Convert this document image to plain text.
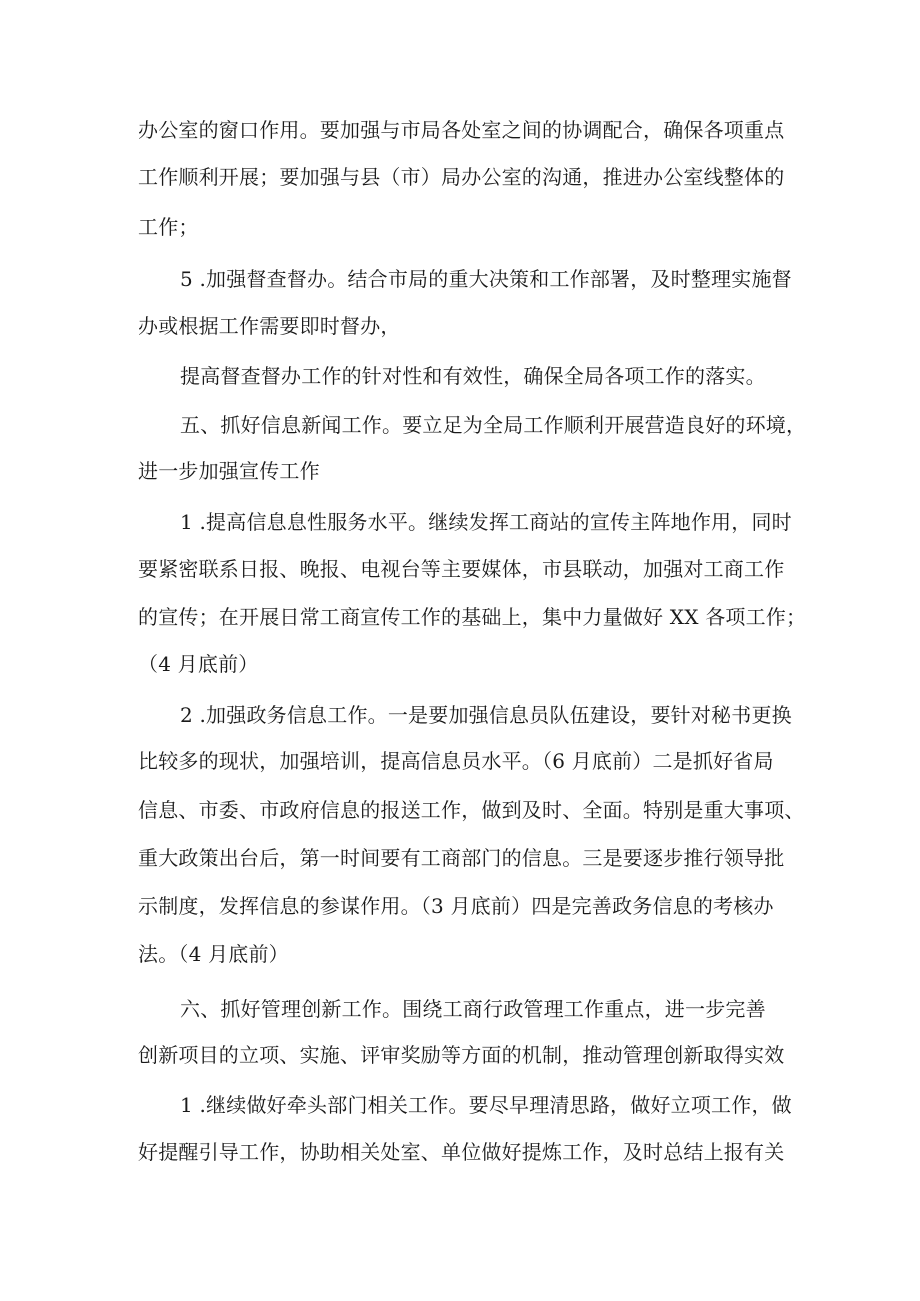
办公室的窗口作用。要加强与市局各处室之间的协调配合，确保各项重点
工作顺利开展；要加强与县（市）局办公室的沟通，推进办公室线整体的
工作；
5 .加强督查督办。结合市局的重大决策和工作部署，及时整理实施督
办或根据工作需要即时督办，
提高督查督办工作的针对性和有效性，确保全局各项工作的落实。
五、抓好信息新闻工作。要立足为全局工作顺利开展营造良好的环境，
进一步加强宣传工作
1 .提高信息息性服务水平。继续发挥工商站的宣传主阵地作用，同时
要紧密联系日报、晚报、电视台等主要媒体，市县联动，加强对工商工作
的宣传；在开展日常工商宣传工作的基础上，集中力量做好 XX 各项工作；
（4 月底前）
2 .加强政务信息工作。一是要加强信息员队伍建设，要针对秘书更换
比较多的现状，加强培训，提高信息员水平。（6 月底前）二是抓好省局
信息、市委、市政府信息的报送工作，做到及时、全面。特别是重大事项、
重大政策出台后，第一时间要有工商部门的信息。三是要逐步推行领导批
示制度，发挥信息的参谋作用。（3 月底前）四是完善政务信息的考核办
法。（4 月底前）
六、抓好管理创新工作。围绕工商行政管理工作重点，进一步完善
创新项目的立项、实施、评审奖励等方面的机制，推动管理创新取得实效
1 .继续做好牵头部门相关工作。要尽早理清思路，做好立项工作，做
好提醒引导工作，协助相关处室、单位做好提炼工作，及时总结上报有关
